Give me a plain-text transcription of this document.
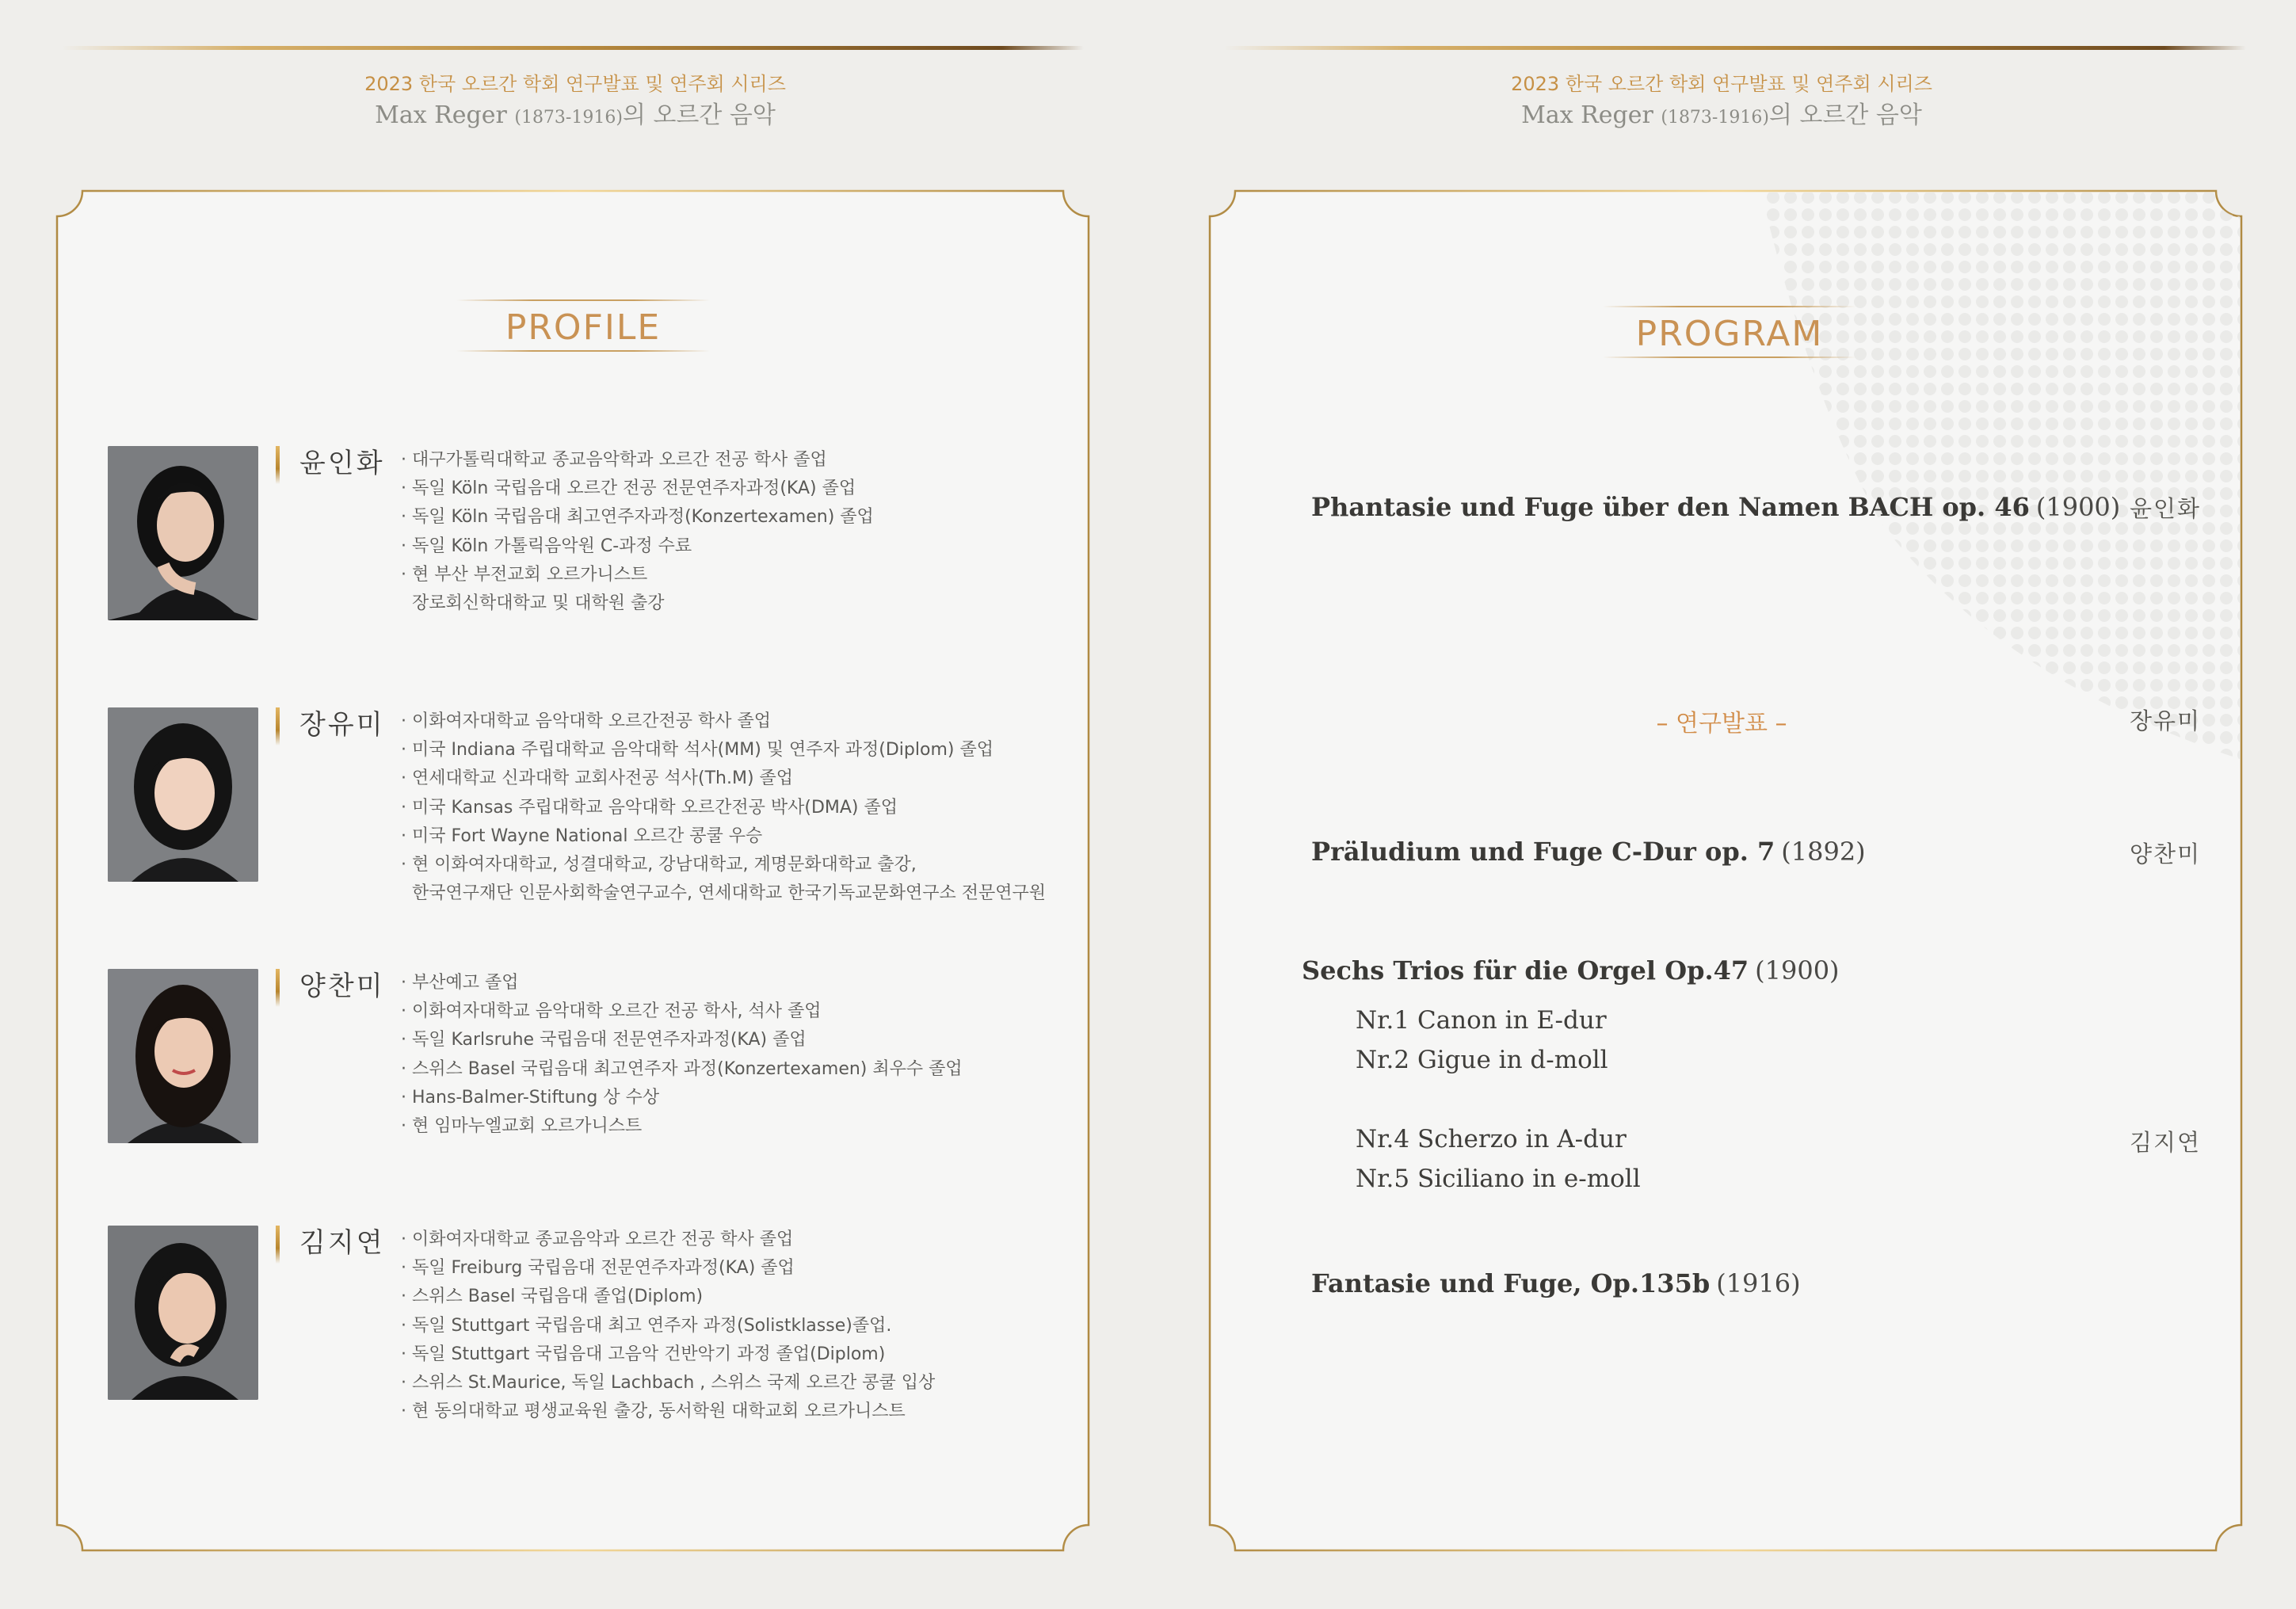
2023 한국 오르간 학회 연구발표 및 연주회 시리즈
Max Reger (1873-1916)의 오르간 음악
PROFILE
윤인화 · 대구가톨릭대학교 종교음악학과 오르간 전공 학사 졸업
· 독일 Köln 국립음대 오르간 전공 전문연주자과정(KA) 졸업
· 독일 Köln 국립음대 최고연주자과정(Konzertexamen) 졸업
· 독일 Köln 가톨릭음악원 C-과정 수료
· 현 부산 부전교회 오르가니스트
장로회신학대학교 및 대학원 출강
장유미 · 이화여자대학교 음악대학 오르간전공 학사 졸업
· 미국 Indiana 주립대학교 음악대학 석사(MM) 및 연주자 과정(Diplom) 졸업
· 연세대학교 신과대학 교회사전공 석사(Th.M) 졸업
· 미국 Kansas 주립대학교 음악대학 오르간전공 박사(DMA) 졸업
· 미국 Fort Wayne National 오르간 콩쿨 우승
· 현 이화여자대학교, 성결대학교, 강남대학교, 계명문화대학교 출강,
한국연구재단 인문사회학술연구교수, 연세대학교 한국기독교문화연구소 전문연구원
양찬미 · 부산예고 졸업
· 이화여자대학교 음악대학 오르간 전공 학사, 석사 졸업
· 독일 Karlsruhe 국립음대 전문연주자과정(KA) 졸업
· 스위스 Basel 국립음대 최고연주자 과정(Konzertexamen) 최우수 졸업
· Hans-Balmer-Stiftung 상 수상
· 현 임마누엘교회 오르가니스트
김지연 · 이화여자대학교 종교음악과 오르간 전공 학사 졸업
· 독일 Freiburg 국립음대 전문연주자과정(KA) 졸업
· 스위스 Basel 국립음대 졸업(Diplom)
· 독일 Stuttgart 국립음대 최고 연주자 과정(Solistklasse)졸업.
· 독일 Stuttgart 국립음대 고음악 건반악기 과정 졸업(Diplom)
· 스위스 St.Maurice, 독일 Lachbach , 스위스 국제 오르간 콩쿨 입상
· 현 동의대학교 평생교육원 출강, 동서학원 대학교회 오르가니스트
2023 한국 오르간 학회 연구발표 및 연주회 시리즈
Max Reger (1873-1916)의 오르간 음악
PROGRAM
Phantasie und Fuge über den Namen BACH op. 46 (1900) 윤인화
– 연구발표 –	장유미
Präludium und Fuge C-Dur op. 7 (1892)	양찬미
Sechs Trios für die Orgel Op.47 (1900)
Nr.1 Canon in E-dur
Nr.2 Gigue in d-moll
Nr.4 Scherzo in A-dur
Nr.5 Siciliano in e-moll
김지연
Fantasie und Fuge, Op.135b (1916)
